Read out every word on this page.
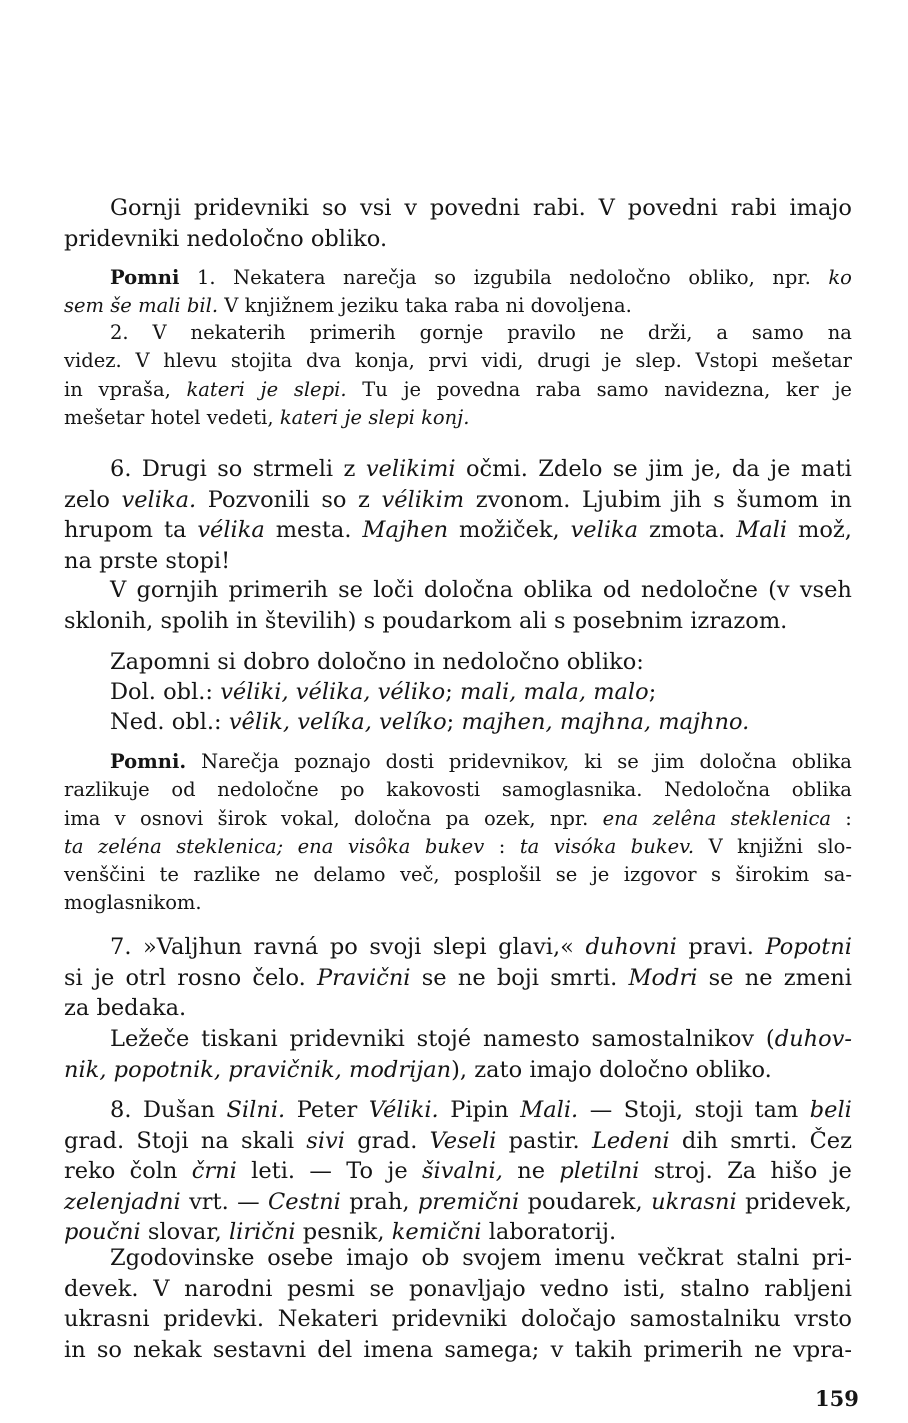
Gornji pridevniki so vsi v povedni rabi. V povedni rabi imajo
pridevniki nedoločno obliko.
Pomni 1. Nekatera narečja so izgubila nedoločno obliko, npr. ko
sem še mali bil. V knjižnem jeziku taka raba ni dovoljena.
2. V nekaterih primerih gornje pravilo ne drži, a samo na
videz. V hlevu stojita dva konja, prvi vidi, drugi je slep. Vstopi mešetar
in vpraša, kateri je slepi. Tu je povedna raba samo navidezna, ker je
mešetar hotel vedeti, kateri je slepi konj.
6. Drugi so strmeli z velikimi očmi. Zdelo se jim je, da je mati
zelo velika. Pozvonili so z vélikim zvonom. Ljubim jih s šumom in
hrupom ta vélika mesta. Majhen možiček, velika zmota. Mali mož,
na prste stopi!
V gornjih primerih se loči določna oblika od nedoločne (v vseh
sklonih, spolih in številih) s poudarkom ali s posebnim izrazom.
Zapomni si dobro določno in nedoločno obliko:
Dol. obl.: véliki, vélika, véliko; mali, mala, malo;
Ned. obl.: vêlik, velíka, velíko; majhen, majhna, majhno.
Pomni. Narečja poznajo dosti pridevnikov, ki se jim določna oblika
razlikuje od nedoločne po kakovosti samoglasnika. Nedoločna oblika
ima v osnovi širok vokal, določna pa ozek, npr. ena zelêna steklenica :
ta zeléna steklenica; ena visôka bukev : ta visóka bukev. V knjižni slo-
venščini te razlike ne delamo več, posplošil se je izgovor s širokim sa-
moglasnikom.
7. »Valjhun ravná po svoji slepi glavi,« duhovni pravi. Popotni
si je otrl rosno čelo. Pravični se ne boji smrti. Modri se ne zmeni
za bedaka.
Ležeče tiskani pridevniki stojé namesto samostalnikov (duhov-
nik, popotnik, pravičnik, modrijan), zato imajo določno obliko.
8. Dušan Silni. Peter Véliki. Pipin Mali. — Stoji, stoji tam beli
grad. Stoji na skali sivi grad. Veseli pastir. Ledeni dih smrti. Čez
reko čoln črni leti. — To je šivalni, ne pletilni stroj. Za hišo je
zelenjadni vrt. — Cestni prah, premični poudarek, ukrasni pridevek,
poučni slovar, lirični pesnik, kemični laboratorij.
Zgodovinske osebe imajo ob svojem imenu večkrat stalni pri-
devek. V narodni pesmi se ponavljajo vedno isti, stalno rabljeni
ukrasni pridevki. Nekateri pridevniki določajo samostalniku vrsto
in so nekak sestavni del imena samega; v takih primerih ne vpra-

159
